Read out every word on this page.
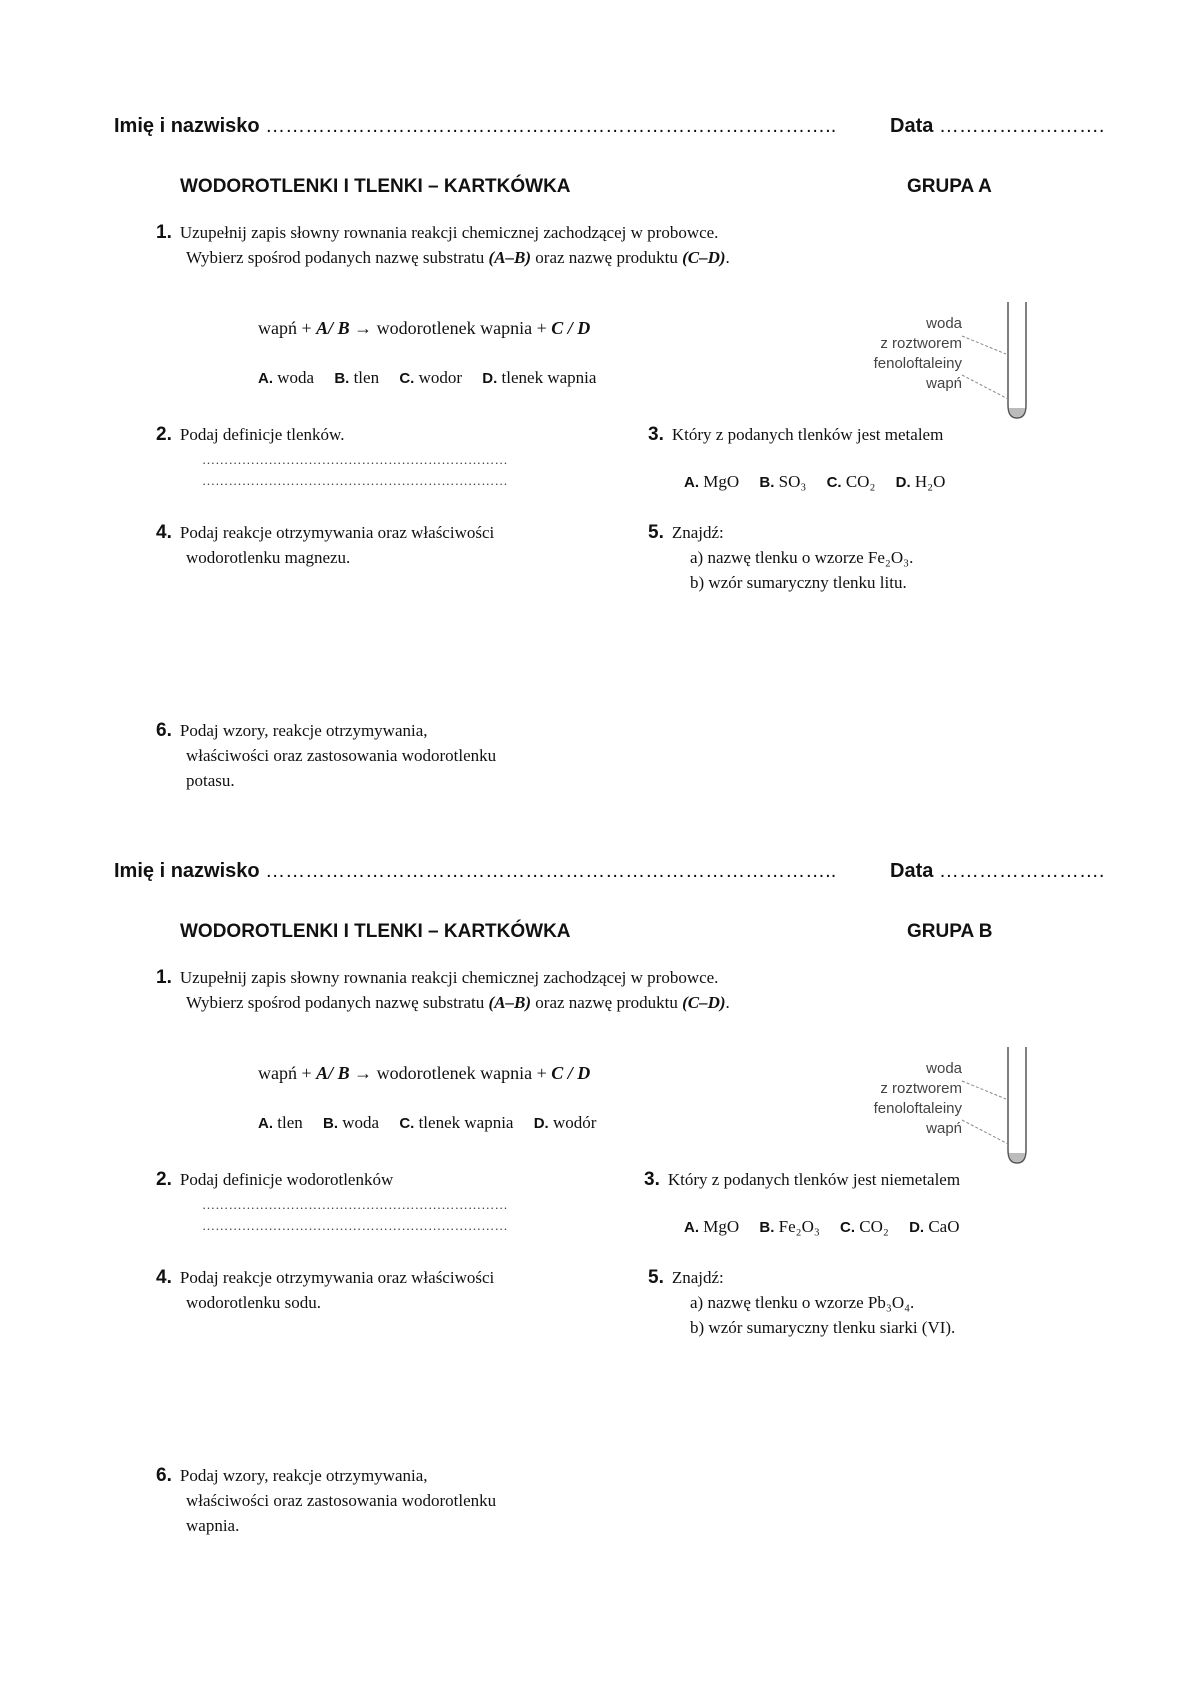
Imię i nazwisko …………………………………………………………………………..	Data …………………….
WODOROTLENKI I TLENKI – KARTKÓWKA	GRUPA A
1. Uzupełnij zapis słowny rownania reakcji chemicznej zachodzącej w probowce.
Wybierz spośrod podanych nazwę substratu (A–B) oraz nazwę produktu (C–D).
wapń + A/ B → wodorotlenek wapnia + C / D
A. woda B. tlen C. wodor D. tlenek wapnia
woda
z roztworem
fenoloftaleiny
wapń
2. Podaj definicje tlenków.
……………………………………………………………
……………………………………………………………
3. Który z podanych tlenków jest metalem
A. MgO B. SO₃ C. CO₂ D. H₂O
4. Podaj reakcje otrzymywania oraz właściwości
wodorotlenku magnezu.
5. Znajdź:
a) nazwę tlenku o wzorze Fe₂O₃.
b) wzór sumaryczny tlenku litu.
6. Podaj wzory, reakcje otrzymywania,
właściwości oraz zastosowania wodorotlenku
potasu.
Imię i nazwisko …………………………………………………………………………..	Data …………………….
WODOROTLENKI I TLENKI – KARTKÓWKA	GRUPA B
1. Uzupełnij zapis słowny rownania reakcji chemicznej zachodzącej w probowce.
Wybierz spośrod podanych nazwę substratu (A–B) oraz nazwę produktu (C–D).
wapń + A/ B → wodorotlenek wapnia + C / D
A. tlen B. woda C. tlenek wapnia D. wodór
woda
z roztworem
fenoloftaleiny
wapń
2. Podaj definicje wodorotlenków
……………………………………………………………
……………………………………………………………
3. Który z podanych tlenków jest niemetalem
A. MgO B. Fe₂O₃ C. CO₂ D. CaO
4. Podaj reakcje otrzymywania oraz właściwości
wodorotlenku sodu.
5. Znajdź:
a) nazwę tlenku o wzorze Pb₃O₄.
b) wzór sumaryczny tlenku siarki (VI).
6. Podaj wzory, reakcje otrzymywania,
właściwości oraz zastosowania wodorotlenku
wapnia.
